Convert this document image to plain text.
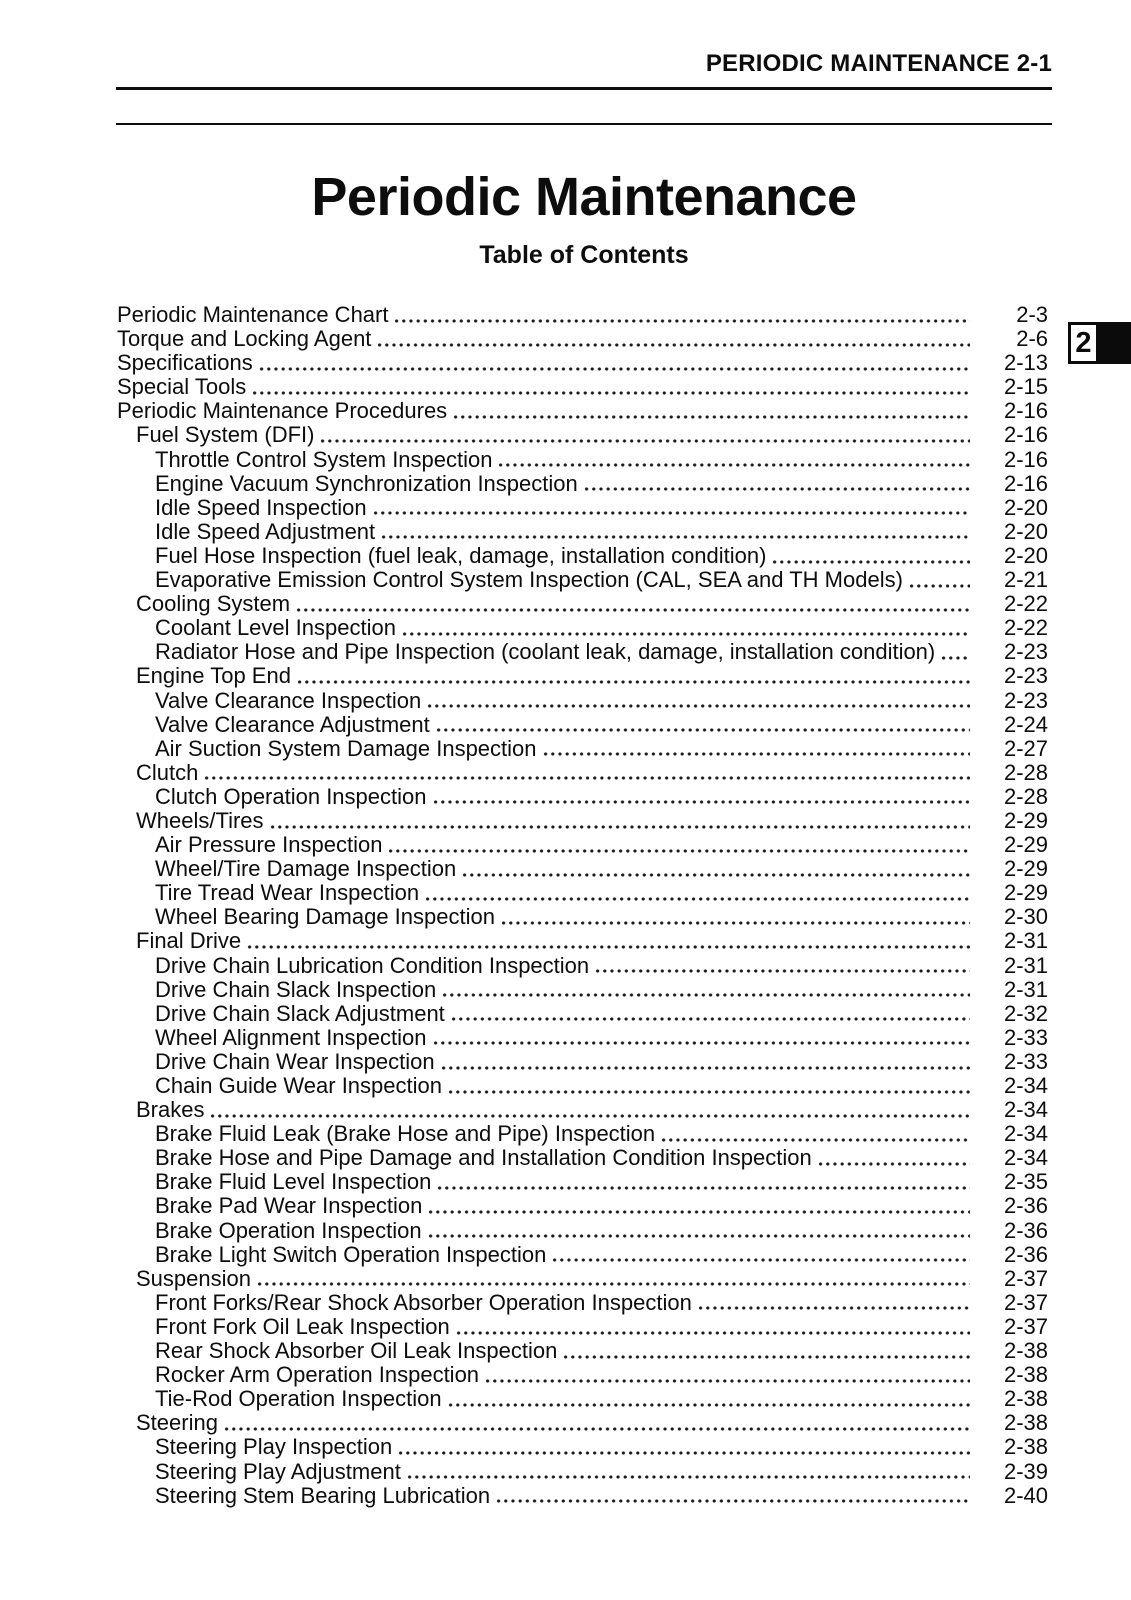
PERIODIC MAINTENANCE 2-1
Periodic Maintenance
Table of Contents
Periodic Maintenance Chart	2-3
Torque and Locking Agent	2-6
Specifications	2-13
Special Tools	2-15
Periodic Maintenance Procedures	2-16
Fuel System (DFI)	2-16
Throttle Control System Inspection	2-16
Engine Vacuum Synchronization Inspection	2-16
Idle Speed Inspection	2-20
Idle Speed Adjustment	2-20
Fuel Hose Inspection (fuel leak, damage, installation condition)	2-20
Evaporative Emission Control System Inspection (CAL, SEA and TH Models)	2-21
Cooling System	2-22
Coolant Level Inspection	2-22
Radiator Hose and Pipe Inspection (coolant leak, damage, installation condition)	2-23
Engine Top End	2-23
Valve Clearance Inspection	2-23
Valve Clearance Adjustment	2-24
Air Suction System Damage Inspection	2-27
Clutch	2-28
Clutch Operation Inspection	2-28
Wheels/Tires	2-29
Air Pressure Inspection	2-29
Wheel/Tire Damage Inspection	2-29
Tire Tread Wear Inspection	2-29
Wheel Bearing Damage Inspection	2-30
Final Drive	2-31
Drive Chain Lubrication Condition Inspection	2-31
Drive Chain Slack Inspection	2-31
Drive Chain Slack Adjustment	2-32
Wheel Alignment Inspection	2-33
Drive Chain Wear Inspection	2-33
Chain Guide Wear Inspection	2-34
Brakes	2-34
Brake Fluid Leak (Brake Hose and Pipe) Inspection	2-34
Brake Hose and Pipe Damage and Installation Condition Inspection	2-34
Brake Fluid Level Inspection	2-35
Brake Pad Wear Inspection	2-36
Brake Operation Inspection	2-36
Brake Light Switch Operation Inspection	2-36
Suspension	2-37
Front Forks/Rear Shock Absorber Operation Inspection	2-37
Front Fork Oil Leak Inspection	2-37
Rear Shock Absorber Oil Leak Inspection	2-38
Rocker Arm Operation Inspection	2-38
Tie-Rod Operation Inspection	2-38
Steering	2-38
Steering Play Inspection	2-38
Steering Play Adjustment	2-39
Steering Stem Bearing Lubrication	2-40
2
